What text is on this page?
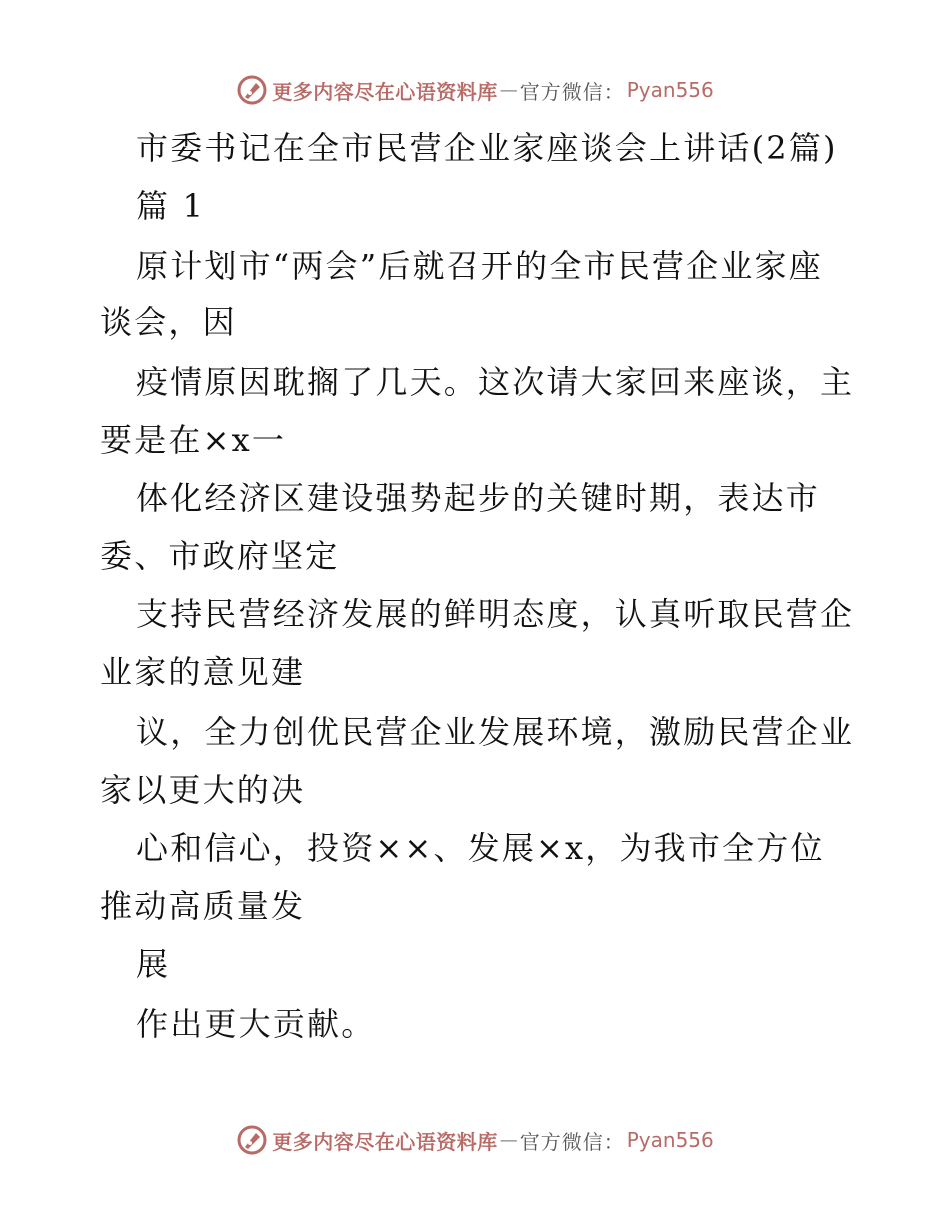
更多内容尽在心语资料库 — 官方微信： Pyan556
市委书记在全市民营企业家座谈会上讲话(2篇)
篇 1
原计划市“两会”后就召开的全市民营企业家座
谈会，因
疫情原因耽搁了几天。这次请大家回来座谈，主
要是在×x一
体化经济区建设强势起步的关键时期，表达市
委、市政府坚定
支持民营经济发展的鲜明态度，认真听取民营企
业家的意见建
议，全力创优民营企业发展环境，激励民营企业
家以更大的决
心和信心，投资××、发展×x，为我市全方位
推动高质量发
展
作出更大贡献。
更多内容尽在心语资料库 — 官方微信： Pyan556
